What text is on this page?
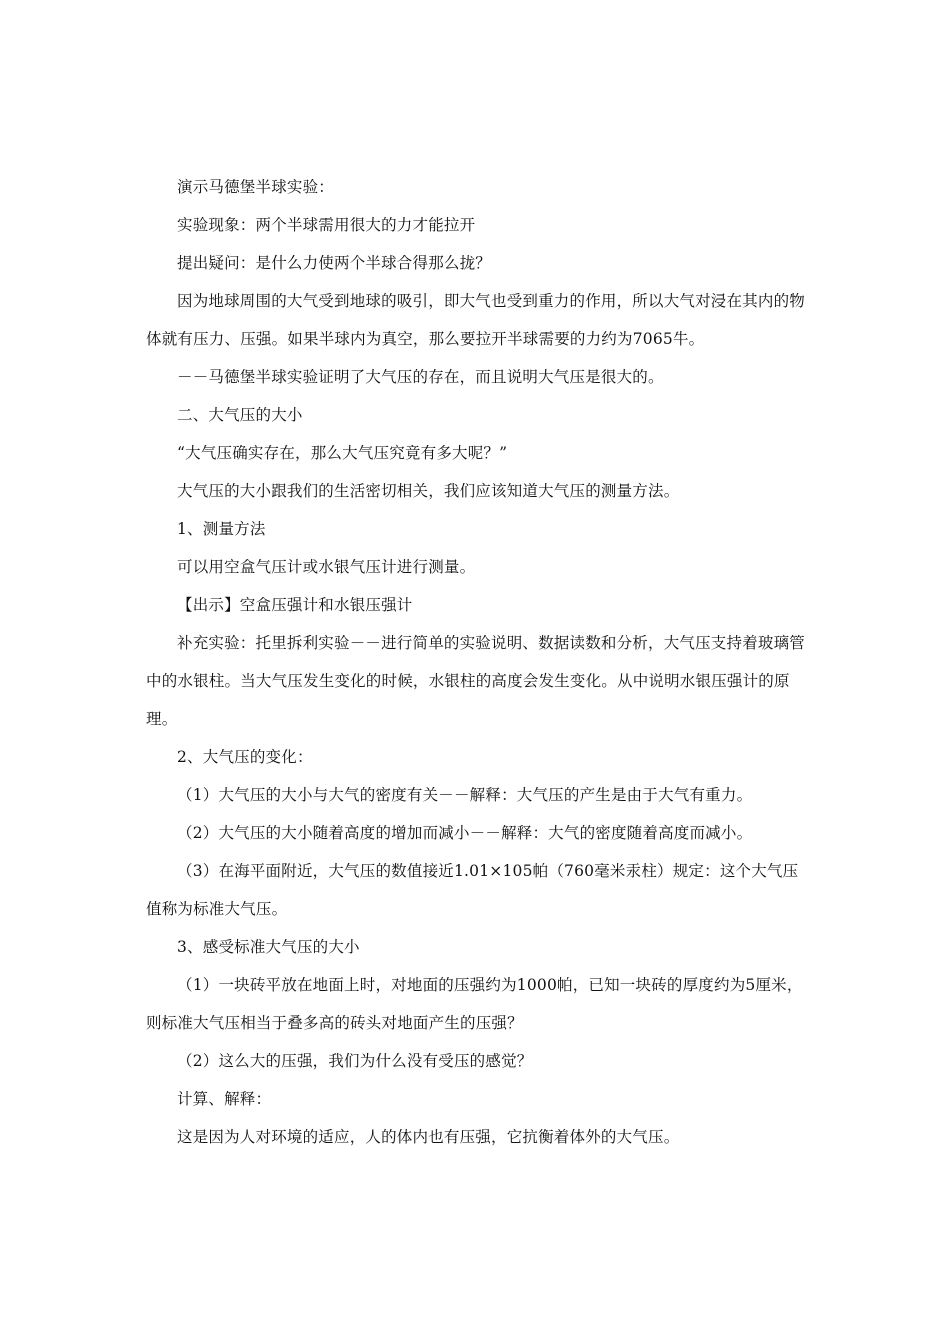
演示马德堡半球实验：

实验现象：两个半球需用很大的力才能拉开

提出疑问：是什么力使两个半球合得那么拢？

因为地球周围的大气受到地球的吸引，即大气也受到重力的作用，所以大气对浸在其内的物体就有压力、压强。如果半球内为真空，那么要拉开半球需要的力约为7065牛。

－－马德堡半球实验证明了大气压的存在，而且说明大气压是很大的。

二、大气压的大小

“大气压确实存在，那么大气压究竟有多大呢？”

大气压的大小跟我们的生活密切相关，我们应该知道大气压的测量方法。

1、测量方法

可以用空盒气压计或水银气压计进行测量。

【出示】空盒压强计和水银压强计

补充实验：托里拆利实验－－进行简单的实验说明、数据读数和分析，大气压支持着玻璃管中的水银柱。当大气压发生变化的时候，水银柱的高度会发生变化。从中说明水银压强计的原理。

2、大气压的变化：

（1）大气压的大小与大气的密度有关－－解释：大气压的产生是由于大气有重力。

（2）大气压的大小随着高度的增加而减小－－解释：大气的密度随着高度而减小。

（3）在海平面附近，大气压的数值接近1.01×105帕（760毫米汞柱）规定：这个大气压值称为标准大气压。

3、感受标准大气压的大小

（1）一块砖平放在地面上时，对地面的压强约为1000帕，已知一块砖的厚度约为5厘米，则标准大气压相当于叠多高的砖头对地面产生的压强？

（2）这么大的压强，我们为什么没有受压的感觉？

计算、解释：

这是因为人对环境的适应，人的体内也有压强，它抗衡着体外的大气压。
